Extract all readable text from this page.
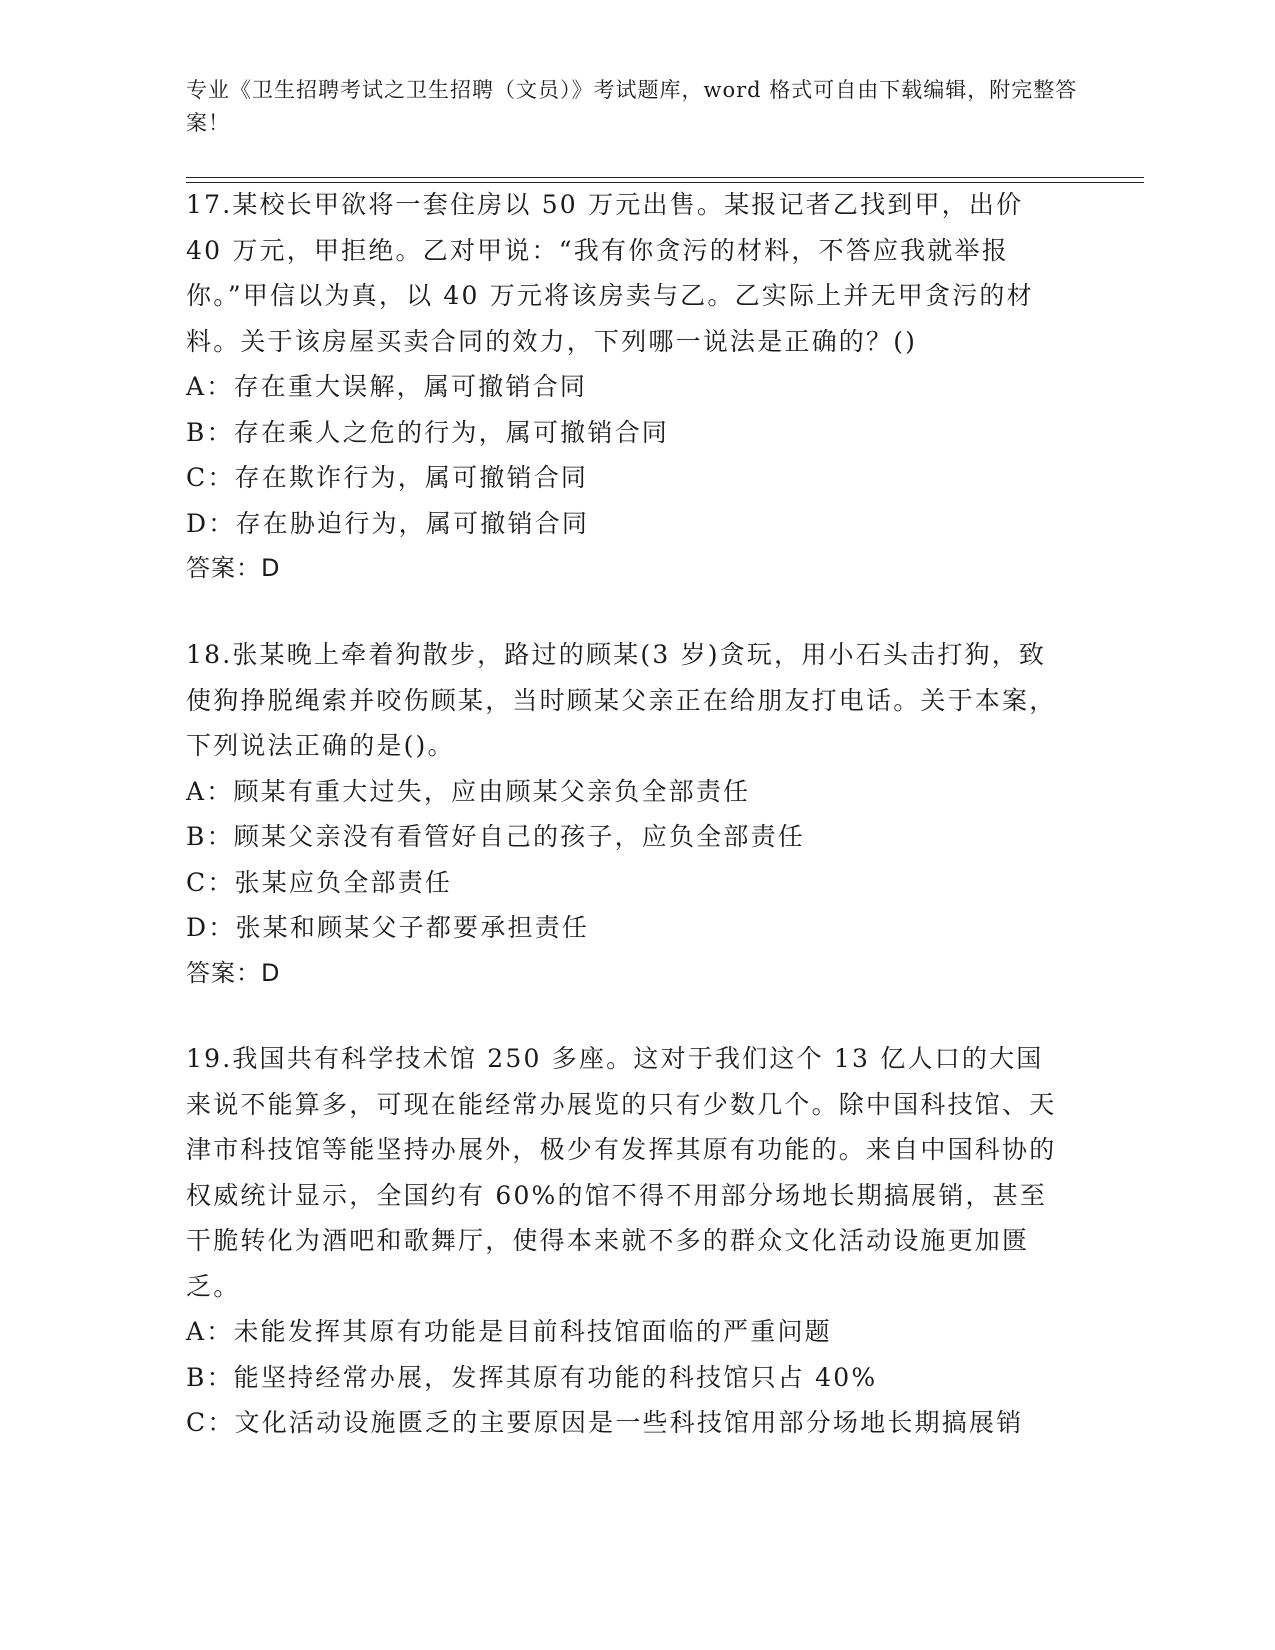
专业《卫生招聘考试之卫生招聘（文员）》考试题库，word 格式可自由下载编辑，附完整答案！
17.某校长甲欲将一套住房以 50 万元出售。某报记者乙找到甲，出价 40 万元，甲拒绝。乙对甲说：“我有你贪污的材料，不答应我就举报你。”甲信以为真，以 40 万元将该房卖与乙。乙实际上并无甲贪污的材料。关于该房屋买卖合同的效力，下列哪一说法是正确的？()
A：存在重大误解，属可撤销合同
B：存在乘人之危的行为，属可撤销合同
C：存在欺诈行为，属可撤销合同
D：存在胁迫行为，属可撤销合同
答案：D
18.张某晚上牵着狗散步，路过的顾某(3 岁)贪玩，用小石头击打狗，致使狗挣脱绳索并咬伤顾某，当时顾某父亲正在给朋友打电话。关于本案，下列说法正确的是()。
A：顾某有重大过失，应由顾某父亲负全部责任
B：顾某父亲没有看管好自己的孩子，应负全部责任
C：张某应负全部责任
D：张某和顾某父子都要承担责任
答案：D
19.我国共有科学技术馆 250 多座。这对于我们这个 13 亿人口的大国来说不能算多，可现在能经常办展览的只有少数几个。除中国科技馆、天津市科技馆等能坚持办展外，极少有发挥其原有功能的。来自中国科协的权威统计显示，全国约有 60%的馆不得不用部分场地长期搞展销，甚至干脆转化为酒吧和歌舞厅，使得本来就不多的群众文化活动设施更加匮乏。
A：未能发挥其原有功能是目前科技馆面临的严重问题
B：能坚持经常办展，发挥其原有功能的科技馆只占 40%
C：文化活动设施匮乏的主要原因是一些科技馆用部分场地长期搞展销
